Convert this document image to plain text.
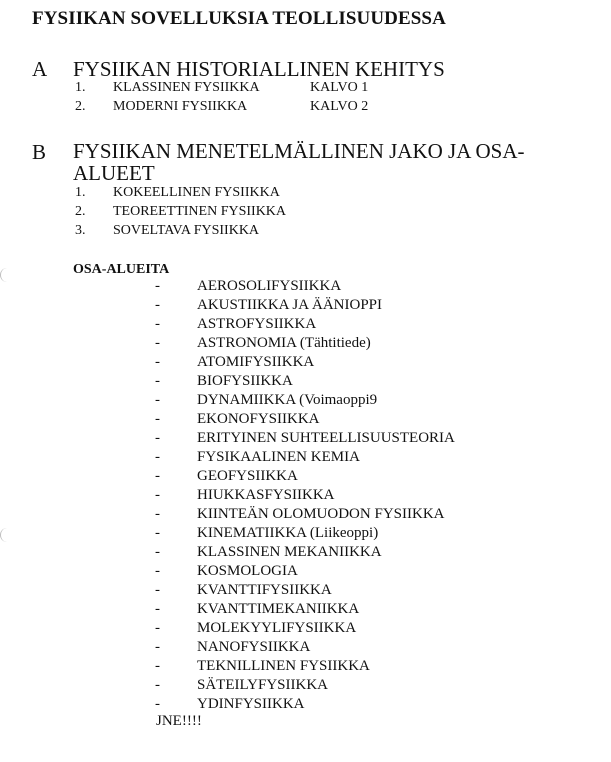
FYSIIKAN SOVELLUKSIA TEOLLISUUDESSA
A FYSIIKAN HISTORIALLINEN KEHITYS
1. KLASSINEN FYSIIKKA	KALVO 1
2. MODERNI FYSIIKKA	KALVO 2
B FYSIIKAN MENETELMÄLLINEN JAKO JA OSA-ALUEET
1. KOKEELLINEN FYSIIKKA
2. TEOREETTINEN FYSIIKKA
3. SOVELTAVA FYSIIKKA
OSA-ALUEITA
- AEROSOLIFYSIIKKA
- AKUSTIIKKA JA ÄÄNIOPPI
- ASTROFYSIIKKA
- ASTRONOMIA (Tähtitiede)
- ATOMIFYSIIKKA
- BIOFYSIIKKA
- DYNAMIIKKA (Voimaoppi9
- EKONOFYSIIKKA
- ERITYINEN SUHTEELLISUUSTEORIA
- FYSIKAALINEN KEMIA
- GEOFYSIIKKA
- HIUKKASFYSIIKKA
- KIINTEÄN OLOMUODON FYSIIKKA
- KINEMATIIKKA (Liikeoppi)
- KLASSINEN MEKANIIKKA
- KOSMOLOGIA
- KVANTTIFYSIIKKA
- KVANTTIMEKANIIKKA
- MOLEKYYLIFYSIIKKA
- NANOFYSIIKKA
- TEKNILLINEN FYSIIKKA
- SÄTEILYFYSIIKKA
- YDINFYSIIKKA
JNE!!!!
